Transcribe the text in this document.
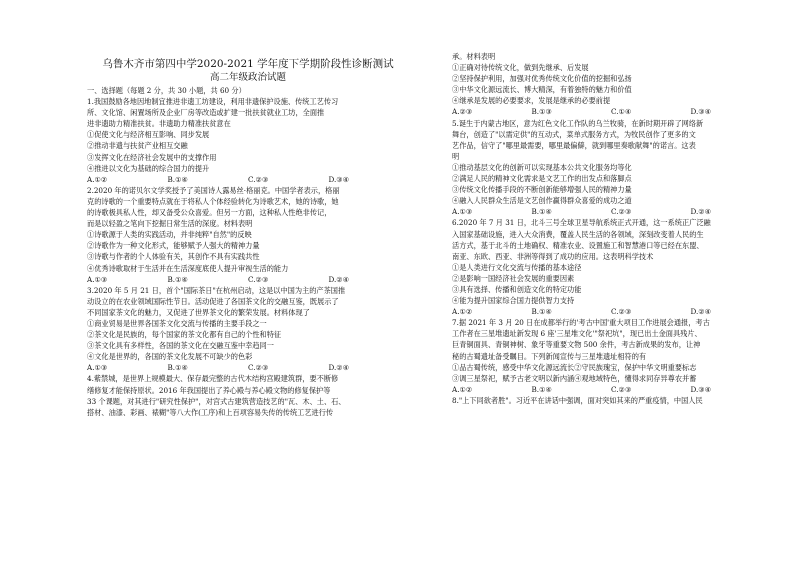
乌鲁木齐市第四中学2020-2021 学年度下学期阶段性诊断测试
高二年级政治试题
一、选择题（每题 2 分，共 30 小题，共 60 分）
1.我国鼓励各地因地制宜推进非遗工坊建设，利用非遗保护设施、传统工艺传习
所、文化馆、闲置场所及企业厂房等改造或扩建一批扶贫就业工坊，全面推
进非遗助力精准扶贫。非遗助力精准扶贫意在
①促使文化与经济相互影响、同步发展
②推动非遗与扶贫产业相互交融
③发挥文化在经济社会发展中的支撑作用
④推进以文化为基础的综合国力的提升
A.①②	B.①④	C.②③	D.③④
2.2020 年的诺贝尔文学奖授予了美国诗人露易丝·格丽克。中国学者表示，格丽
克的诗歌的一个重要特点就在于将私人个体经验转化为诗歌艺术，她的诗歌，她
的诗歌极具私人性，却又备受公众喜爱。但另一方面，这种私人性绝非传记，
而是以轻盈之笔向下挖掘日常生活的深度。材料表明
①诗歌源于人类的实践活动，并非纯粹"自然"的反映
②诗歌作为一种文化形式，能够赋予人强大的精神力量
③诗歌与作者的个人体验有关，其创作不具有实践共性
④优秀诗歌取材于生活并在生活深度底使人提升审视生活的能力
A.①③	B.①④	C.②③	D.②④
3.2020 年 5 月 21 日，首个"国际茶日"在杭州启动，这是以中国为主的产茶国推
动设立的在农业领域国际性节日。活动促进了各国茶文化的交融互鉴，既展示了
不同国家茶文化的魅力，又促进了世界茶文化的繁荣发展。材料体现了
①商业贸易是世界各国茶文化交流与传播的主要手段之一
②茶文化是民族的，每个国家的茶文化都有自己的个性和特征
③茶文化具有多样性，各国的茶文化在交融互鉴中幸趋同一
④文化是世界的，各国的茶文化发展不可缺少的色彩
A.①③	B.①④	C.②③	D.②④
4.紫禁城，是世界上规模最大、保存最完整的古代木结构宫殿建筑群，要不断修
缮修复才能保持原状。2016 年我国提出了养心殿与养心殿文物的修复保护等
33 个课题，对其进行"研究性保护"，对宫式古建筑营造技艺的"瓦、木、土、石、
搭材、油漆、彩画、裱糊"等八大作(工序)和上百项容易失传的传统工艺进行传
承。材料表明
①正确对待传统文化，做到先继承、后发展
②坚持保护利用，加强对优秀传统文化价值的挖掘和弘扬
③中华文化源远流长、博大精深，有着独特的魅力和价值
④继承是发展的必要要求，发展是继承的必要前提
A.②③	B.①③	C.①④	D.③④
5.诞生于内蒙古地区，意为红色文化工作队的乌兰牧骑，在新时期开辟了网络新
舞台，创造了"以需定供"的互动式，菜单式服务方式，为牧民创作了更多的文
艺作品，信守了"哪里最需要，哪里最偏僻，就到哪里奏歌献舞"的诺言。这表
明
①推动基层文化的创新可以实现基本公共文化服务均等化
②满足人民的精神文化需求是文艺工作的出发点和落脚点
③传统文化传播手段的不断创新能够增强人民的精神力量
④融入人民群众生活是文艺创作赢得群众喜爱的成功之道
A.①③	B.①④	C.②③	D.②④
6.2020 年 7 月 31 日，北斗三号全球卫星导航系统正式开通，这一系统正广泛融
入国家基础设施，进入大众消费，覆盖人民生活的各领域，深刻改变着人民的生
活方式，基于北斗的土地确权、精准农业、设置施工和智慧港口等已经在东盟、
南亚、东欧、西亚、非洲等得到了成功的应用。这表明科学技术
①是人类进行文化交流与传播的基本途径
②是影响一国经济社会发展的重要因素
③具有选择、传播和创造文化的特定功能
④能为提升国家综合国力提供智力支持
A.①②	B.①④	C.②③	D.②④
7.据 2021 年 3 月 20 日在成都举行的'考古中国'重大项目工作进展会通报，考古
工作者在三星堆遗址新发现 6 座'三星堆文化'"祭祀坑"，现已出土金面具残片、
巨青铜面具、青铜神树、象牙等重要文物 500 余件，考古新成果的发布，让神
秘的古蜀遗址备受瞩目。下列新闻宣传与三星堆遗址相符的有
①品古蜀传统，感受中华文化源远流长②守民族瑰宝，保护中华文明重要标志
③调三星祭祀，赋予古老文明以新内涵④观地域特色，懂得求同存异尊农并蓄
A.①②	B.①④	C.②③	D.③④
8."上下同欲者胜"。习近平在讲话中强调，面对突如其来的严重疫情，中国人民
